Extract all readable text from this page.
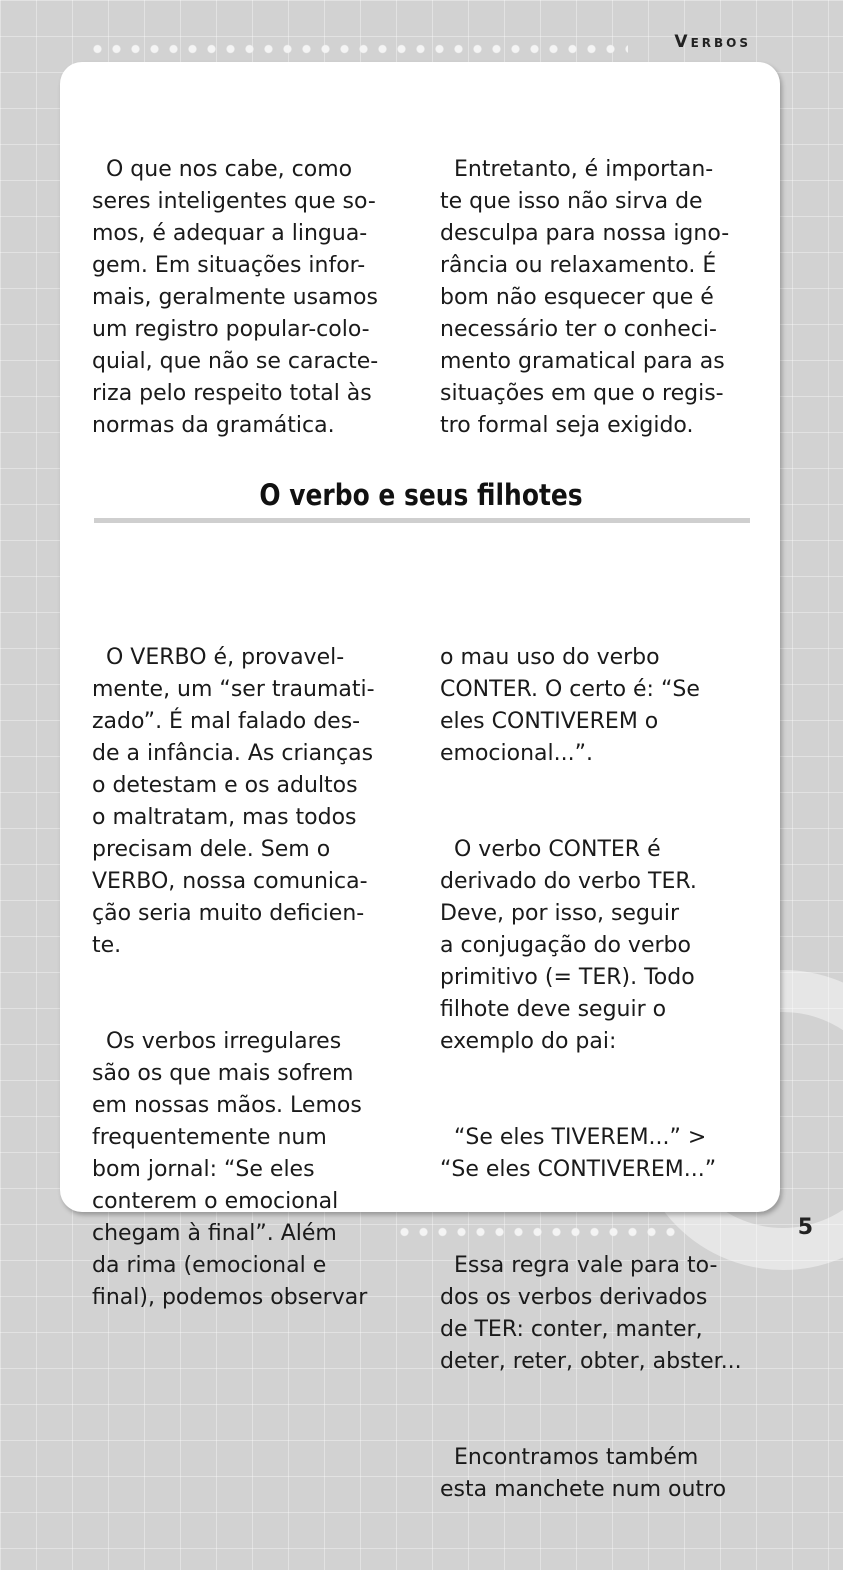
Verbos

O que nos cabe, como
seres inteligentes que so-
mos, é adequar a lingua-
gem. Em situações infor-
mais, geralmente usamos
um registro popular-colo-
quial, que não se caracte-
riza pelo respeito total às
normas da gramática.

Entretanto, é importan-
te que isso não sirva de
desculpa para nossa igno-
rância ou relaxamento. É
bom não esquecer que é
necessário ter o conheci-
mento gramatical para as
situações em que o regis-
tro formal seja exigido.

O verbo e seus filhotes

O VERBO é, provavel-
mente, um “ser traumati-
zado”. É mal falado des-
de a infância. As crianças
o detestam e os adultos
o maltratam, mas todos
precisam dele. Sem o
VERBO, nossa comunica-
ção seria muito deficien-
te.

Os verbos irregulares
são os que mais sofrem
em nossas mãos. Lemos
frequentemente num
bom jornal: “Se eles
conterem o emocional
chegam à final”. Além
da rima (emocional e
final), podemos observar

o mau uso do verbo
CONTER. O certo é: “Se
eles CONTIVEREM o
emocional...”.

O verbo CONTER é
derivado do verbo TER.
Deve, por isso, seguir
a conjugação do verbo
primitivo (= TER). Todo
filhote deve seguir o
exemplo do pai:

“Se eles TIVEREM...” >
“Se eles CONTIVEREM...”

Essa regra vale para to-
dos os verbos derivados
de TER: conter, manter,
deter, reter, obter, abster...

Encontramos também
esta manchete num outro

5
